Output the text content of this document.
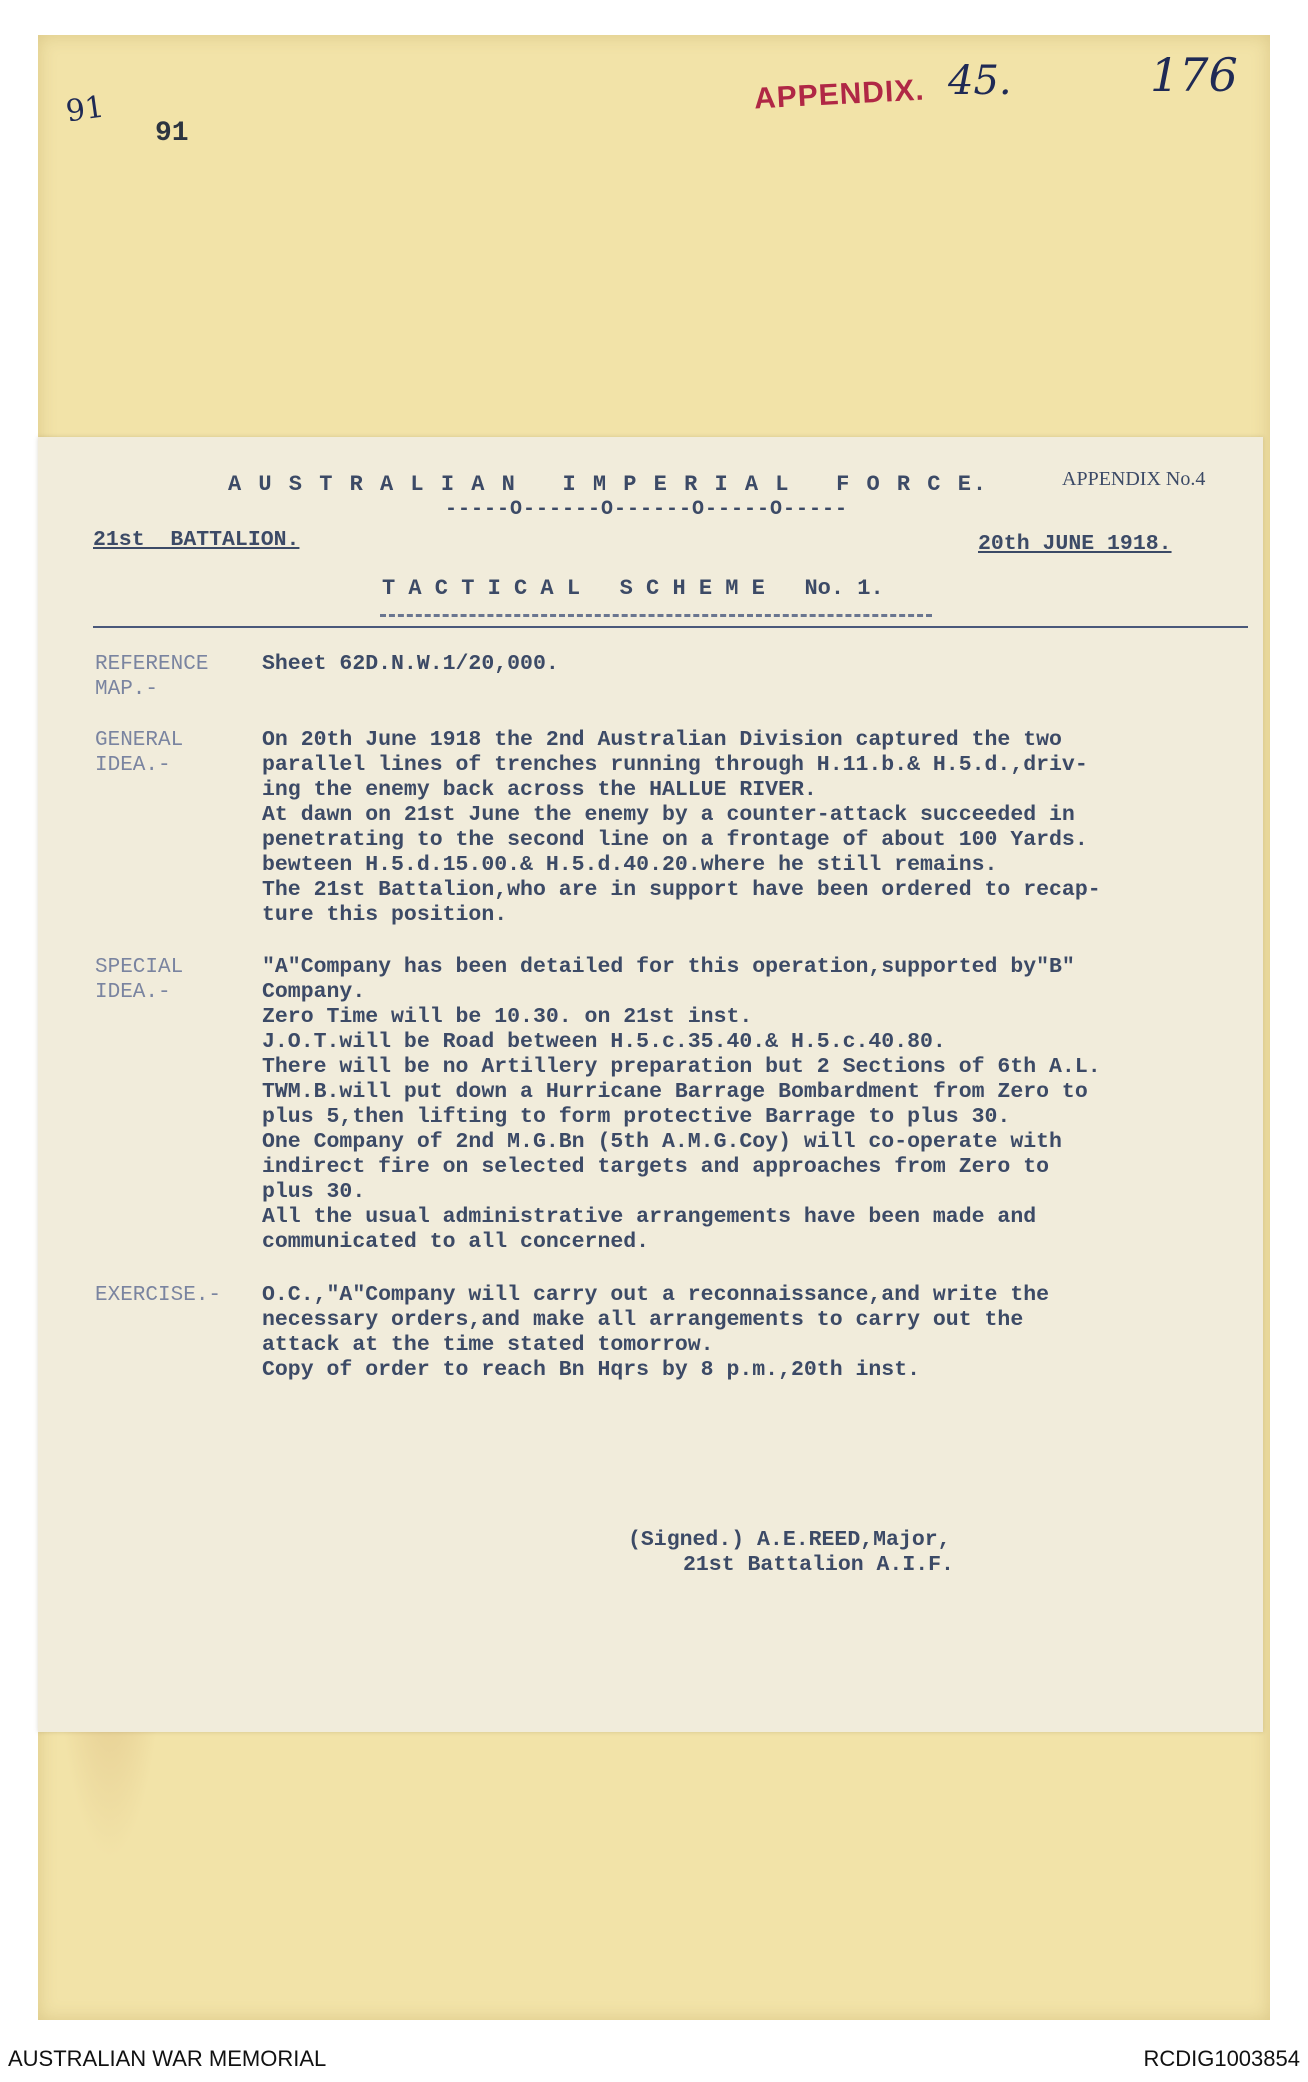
91
91
APPENDIX. 45.	176
A U S T R A L I A N   I M P E R I A L   F O R C E.	APPENDIX No.4
-----O------O------O-----O-----
21st  BATTALION.	20th JUNE 1918.
T A C T I C A L   S C H E M E   No. 1.
REFERENCE
MAP.-
Sheet 62D.N.W.1/20,000.
GENERAL
IDEA.-
On 20th June 1918 the 2nd Australian Division captured the two
parallel lines of trenches running through H.11.b.& H.5.d.,driv-
ing the enemy back across the HALLUE RIVER.
At dawn on 21st June the enemy by a counter-attack succeeded in
penetrating to the second line on a frontage of about 100 Yards.
bewteen H.5.d.15.00.& H.5.d.40.20.where he still remains.
The 21st Battalion,who are in support have been ordered to recap-
ture this position.
SPECIAL
IDEA.-
"A"Company has been detailed for this operation,supported by"B"
Company.
Zero Time will be 10.30. on 21st inst.
J.O.T.will be Road between H.5.c.35.40.& H.5.c.40.80.
There will be no Artillery preparation but 2 Sections of 6th A.L.
TWM.B.will put down a Hurricane Barrage Bombardment from Zero to
plus 5,then lifting to form protective Barrage to plus 30.
One Company of 2nd M.G.Bn (5th A.M.G.Coy) will co-operate with
indirect fire on selected targets and approaches from Zero to
plus 30.
All the usual administrative arrangements have been made and
communicated to all concerned.
EXERCISE.- O.C.,"A"Company will carry out a reconnaissance,and write the
necessary orders,and make all arrangements to carry out the
attack at the time stated tomorrow.
Copy of order to reach Bn Hqrs by 8 p.m.,20th inst.
(Signed.) A.E.REED,Major,
21st Battalion A.I.F.
AUSTRALIAN WAR MEMORIAL	RCDIG1003854
